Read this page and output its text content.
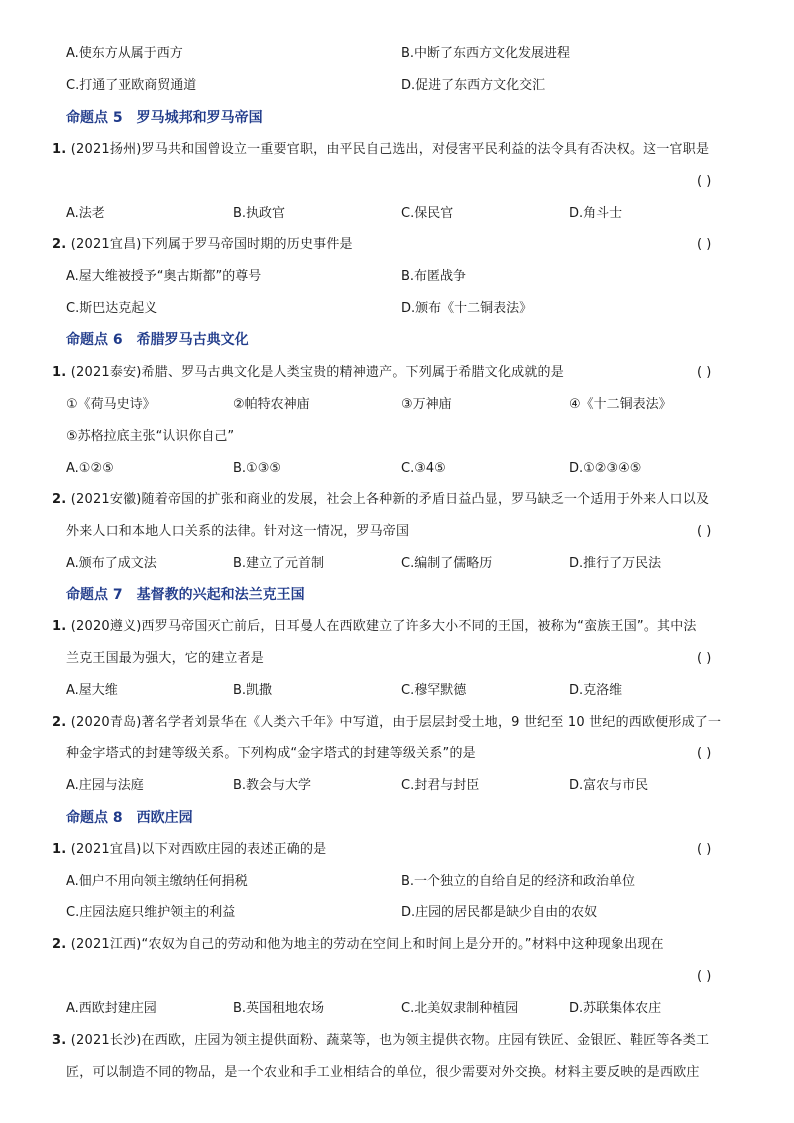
A.使东方从属于西方	B.中断了东西方文化发展进程
C.打通了亚欧商贸通道	D.促进了东西方文化交汇
命题点 5 罗马城邦和罗马帝国
1. (2021扬州)罗马共和国曾设立一重要官职，由平民自己选出，对侵害平民利益的法令具有否决权。这一官职是
( )
A.法老	B.执政官	C.保民官	D.角斗士
2. (2021宜昌)下列属于罗马帝国时期的历史事件是	( )
A.屋大维被授予“奥古斯都”的尊号	B.布匿战争
C.斯巴达克起义	D.颁布《十二铜表法》
命题点 6 希腊罗马古典文化
1. (2021泰安)希腊、罗马古典文化是人类宝贵的精神遗产。下列属于希腊文化成就的是	( )
①《荷马史诗》	②帕特农神庙	③万神庙	④《十二铜表法》
⑤苏格拉底主张“认识你自己”
A.①②⑤	B.①③⑤	C.③4⑤	D.①②③④⑤
2. (2021安徽)随着帝国的扩张和商业的发展，社会上各种新的矛盾日益凸显，罗马缺乏一个适用于外来人口以及
外来人口和本地人口关系的法律。针对这一情况，罗马帝国	( )
A.颁布了成文法	B.建立了元首制	C.编制了儒略历	D.推行了万民法
命题点 7 基督教的兴起和法兰克王国
1. (2020遵义)西罗马帝国灭亡前后，日耳曼人在西欧建立了许多大小不同的王国，被称为“蛮族王国”。其中法
兰克王国最为强大，它的建立者是	( )
A.屋大维	B.凯撒	C.穆罕默德	D.克洛维
2. (2020青岛)著名学者刘景华在《人类六千年》中写道，由于层层封受土地，9 世纪至 10 世纪的西欧便形成了一
种金字塔式的封建等级关系。下列构成“金字塔式的封建等级关系”的是	( )
A.庄园与法庭	B.教会与大学	C.封君与封臣	D.富农与市民
命题点 8 西欧庄园
1. (2021宜昌)以下对西欧庄园的表述正确的是	( )
A.佃户不用向领主缴纳任何捐税	B.一个独立的自给自足的经济和政治单位
C.庄园法庭只维护领主的利益	D.庄园的居民都是缺少自由的农奴
2. (2021江西)“农奴为自己的劳动和他为地主的劳动在空间上和时间上是分开的。”材料中这种现象出现在
( )
A.西欧封建庄园	B.英国租地农场	C.北美奴隶制种植园	D.苏联集体农庄
3. (2021长沙)在西欧，庄园为领主提供面粉、蔬菜等，也为领主提供衣物。庄园有铁匠、金银匠、鞋匠等各类工
匠，可以制造不同的物品，是一个农业和手工业相结合的单位，很少需要对外交换。材料主要反映的是西欧庄
